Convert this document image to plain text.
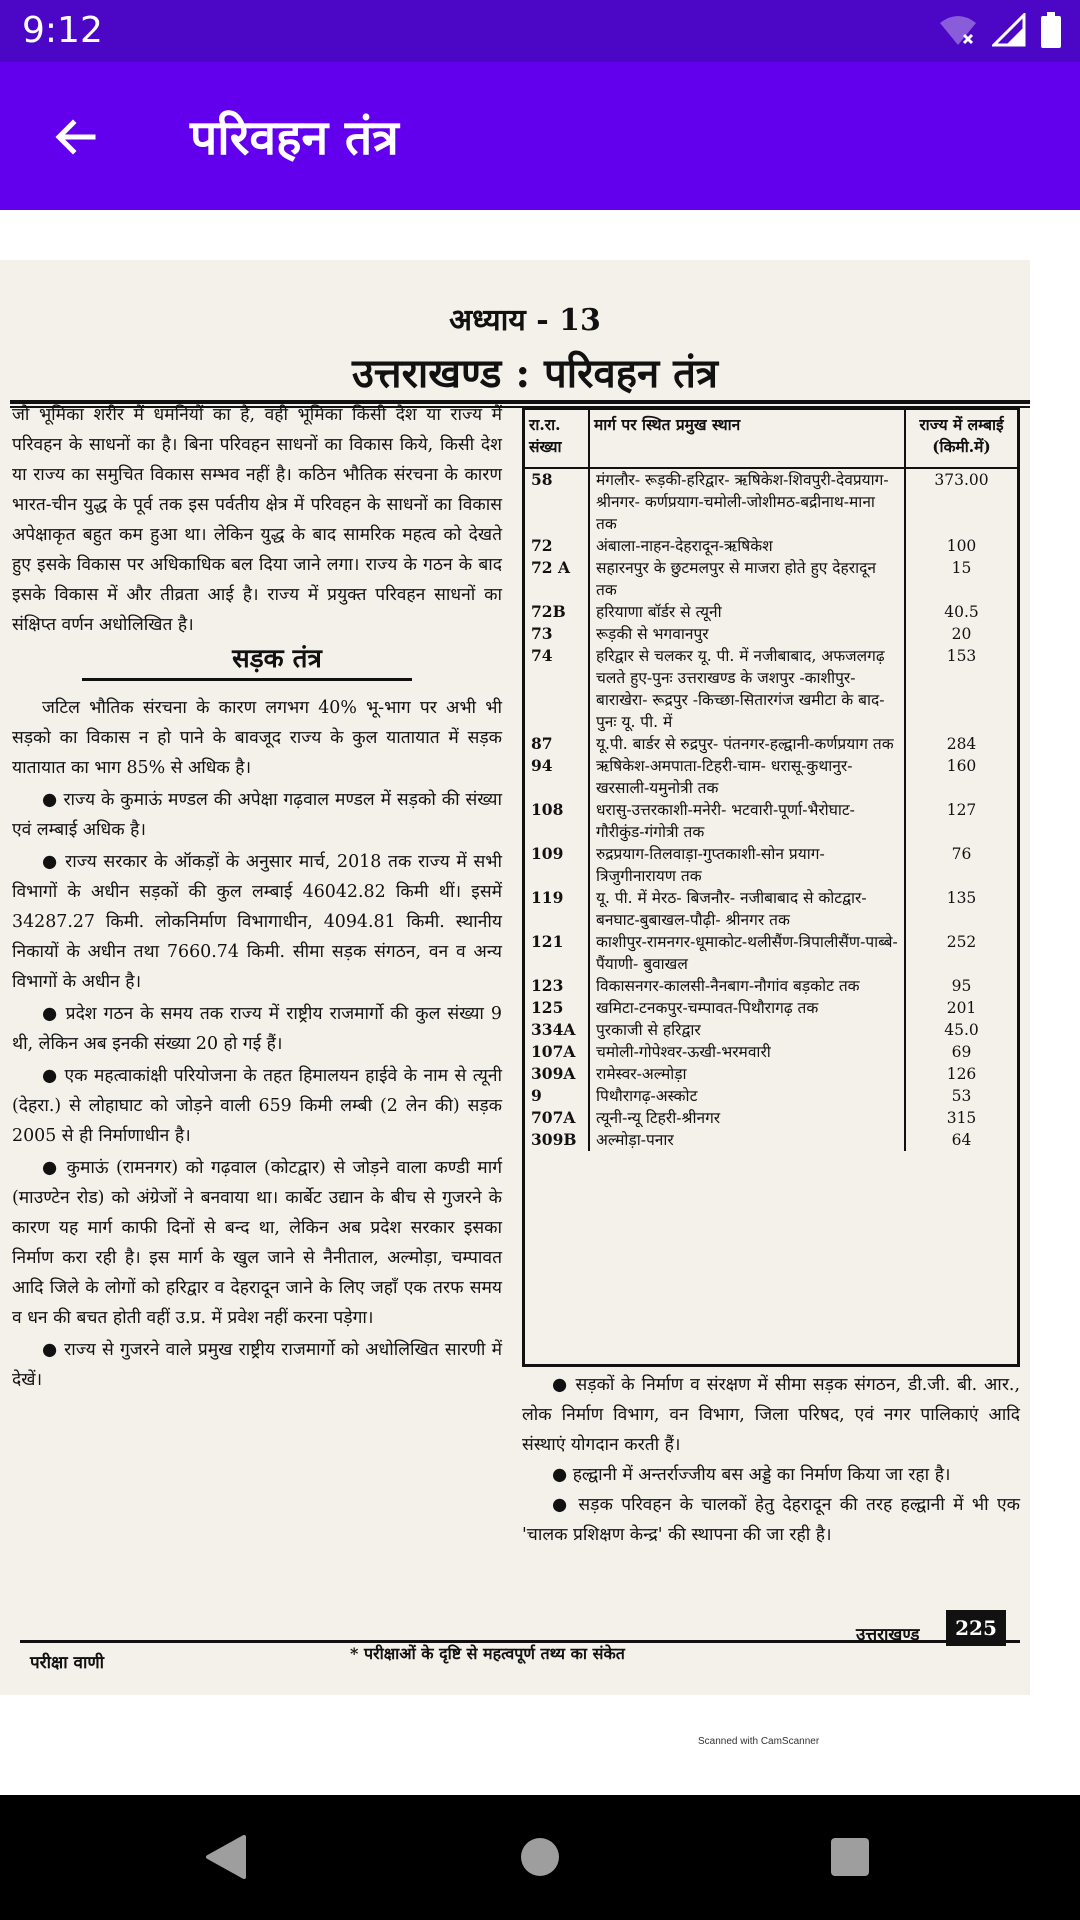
9:12
परिवहन तंत्र
अध्याय - 13
उत्तराखण्ड : परिवहन तंत्र

जो भूमिका शरीर में धमनियों का है, वही भूमिका किसी देश या राज्य में परिवहन के साधनों का है। बिना परिवहन साधनों का विकास किये, किसी देश या राज्य का समुचित विकास सम्भव नहीं है। कठिन भौतिक संरचना के कारण भारत-चीन युद्ध के पूर्व तक इस पर्वतीय क्षेत्र में परिवहन के साधनों का विकास अपेक्षाकृत बहुत कम हुआ था। लेकिन युद्ध के बाद सामरिक महत्व को देखते हुए इसके विकास पर अधिकाधिक बल दिया जाने लगा। राज्य के गठन के बाद इसके विकास में और तीव्रता आई है। राज्य में प्रयुक्त परिवहन साधनों का संक्षिप्त वर्णन अधोलिखित है।

सड़क तंत्र

जटिल भौतिक संरचना के कारण लगभग 40% भू-भाग पर अभी भी सड़को का विकास न हो पाने के बावजूद राज्य के कुल यातायात में सड़क यातायात का भाग 85% से अधिक है।

● राज्य के कुमाऊं मण्डल की अपेक्षा गढ़वाल मण्डल में सड़को की संख्या एवं लम्बाई अधिक है।

● राज्य सरकार के ऑकड़ों के अनुसार मार्च, 2018 तक राज्य में सभी विभागों के अधीन सड़कों की कुल लम्बाई 46042.82 किमी थीं। इसमें 34287.27 किमी. लोकनिर्माण विभागाधीन, 4094.81 किमी. स्थानीय निकायों के अधीन तथा 7660.74 किमी. सीमा सड़क संगठन, वन व अन्य विभागों के अधीन है।

● प्रदेश गठन के समय तक राज्य में राष्ट्रीय राजमार्गो की कुल संख्या 9 थी, लेकिन अब इनकी संख्या 20 हो गई हैं।

● एक महत्वाकांक्षी परियोजना के तहत हिमालयन हाईवे के नाम से त्यूनी (देहरा.) से लोहाघाट को जोड़ने वाली 659 किमी लम्बी (2 लेन की) सड़क 2005 से ही निर्माणाधीन है।

● कुमाऊं (रामनगर) को गढ़वाल (कोटद्वार) से जोड़ने वाला कण्डी मार्ग (माउण्टेन रोड) को अंग्रेजों ने बनवाया था। कार्बेट उद्यान के बीच से गुजरने के कारण यह मार्ग काफी दिनों से बन्द था, लेकिन अब प्रदेश सरकार इसका निर्माण करा रही है। इस मार्ग के खुल जाने से नैनीताल, अल्मोड़ा, चम्पावत आदि जिले के लोगों को हरिद्वार व देहरादून जाने के लिए जहाँ एक तरफ समय व धन की बचत होती वहीं उ.प्र. में प्रवेश नहीं करना पड़ेगा।

● राज्य से गुजरने वाले प्रमुख राष्ट्रीय राजमार्गो को अधोलिखित सारणी में देखें।

रा.रा. संख्या	मार्ग पर स्थित प्रमुख स्थान	राज्य में लम्बाई (किमी.में)
58	मंगलौर- रूड़की-हरिद्वार- ऋषिकेश-शिवपुरी-देवप्रयाग-श्रीनगर- कर्णप्रयाग-चमोली-जोशीमठ-बद्रीनाथ-माना तक	373.00
72	अंबाला-नाहन-देहरादून-ऋषिकेश	100
72 A	सहारनपुर के छुटमलपुर से माजरा होते हुए देहरादून तक	15
72B	हरियाणा बॉर्डर से त्यूनी	40.5
73	रूड़की से भगवानपुर	20
74	हरिद्वार से चलकर यू. पी. में नजीबाबाद, अफजलगढ़ चलते हुए-पुनः उत्तराखण्ड के जशपुर -काशीपुर- बाराखेरा- रूद्रपुर -किच्छा-सितारगंज खमीटा के बाद-पुनः यू. पी. में	153
87	यू.पी. बार्डर से रुद्रपुर- पंतनगर-हल्द्वानी-कर्णप्रयाग तक	284
94	ऋषिकेश-अमपाता-टिहरी-चाम- धरासू-कुथानुर-खरसाली-यमुनोत्री तक	160
108	धरासु-उत्तरकाशी-मनेरी- भटवारी-पूर्णा-भैरोघाट- गौरीकुंड-गंगोत्री तक	127
109	रुद्रप्रयाग-तिलवाड़ा-गुप्तकाशी-सोन प्रयाग-त्रिजुगीनारायण तक	76
119	यू. पी. में मेरठ- बिजनौर- नजीबाबाद से कोटद्वार- बनघाट-बुबाखल-पौढ़ी- श्रीनगर तक	135
121	काशीपुर-रामनगर-धूमाकोट-थलीसैंण-त्रिपालीसैंण-पाब्बे-पैंयाणी- बुवाखल	252
123	विकासनगर-कालसी-नैनबाग-नौगांव बड़कोट तक	95
125	खमिटा-टनकपुर-चम्पावत-पिथौरागढ़ तक	201
334A	पुरकाजी से हरिद्वार	45.0
107A	चमोली-गोपेश्वर-ऊखी-भरमवारी	69
309A	रामेस्वर-अल्मोड़ा	126
9	पिथौरागढ़-अस्कोट	53
707A	त्यूनी-न्यू टिहरी-श्रीनगर	315
309B	अल्मोड़ा-पनार	64

● सड़कों के निर्माण व संरक्षण में सीमा सड़क संगठन, डी.जी. बी. आर., लोक निर्माण विभाग, वन विभाग, जिला परिषद, एवं नगर पालिकाएं आदि संस्थाएं योगदान करती हैं।

● हल्द्वानी में अन्तर्राज्जीय बस अड्डे का निर्माण किया जा रहा है।

● सड़क परिवहन के चालकों हेतु देहरादून की तरह हल्द्वानी में भी एक 'चालक प्रशिक्षण केन्द्र' की स्थापना की जा रही है।

परीक्षा वाणी	* परीक्षाओं के दृष्टि से महत्वपूर्ण तथ्य का संकेत
उत्तराखण्ड	225
Scanned with CamScanner
